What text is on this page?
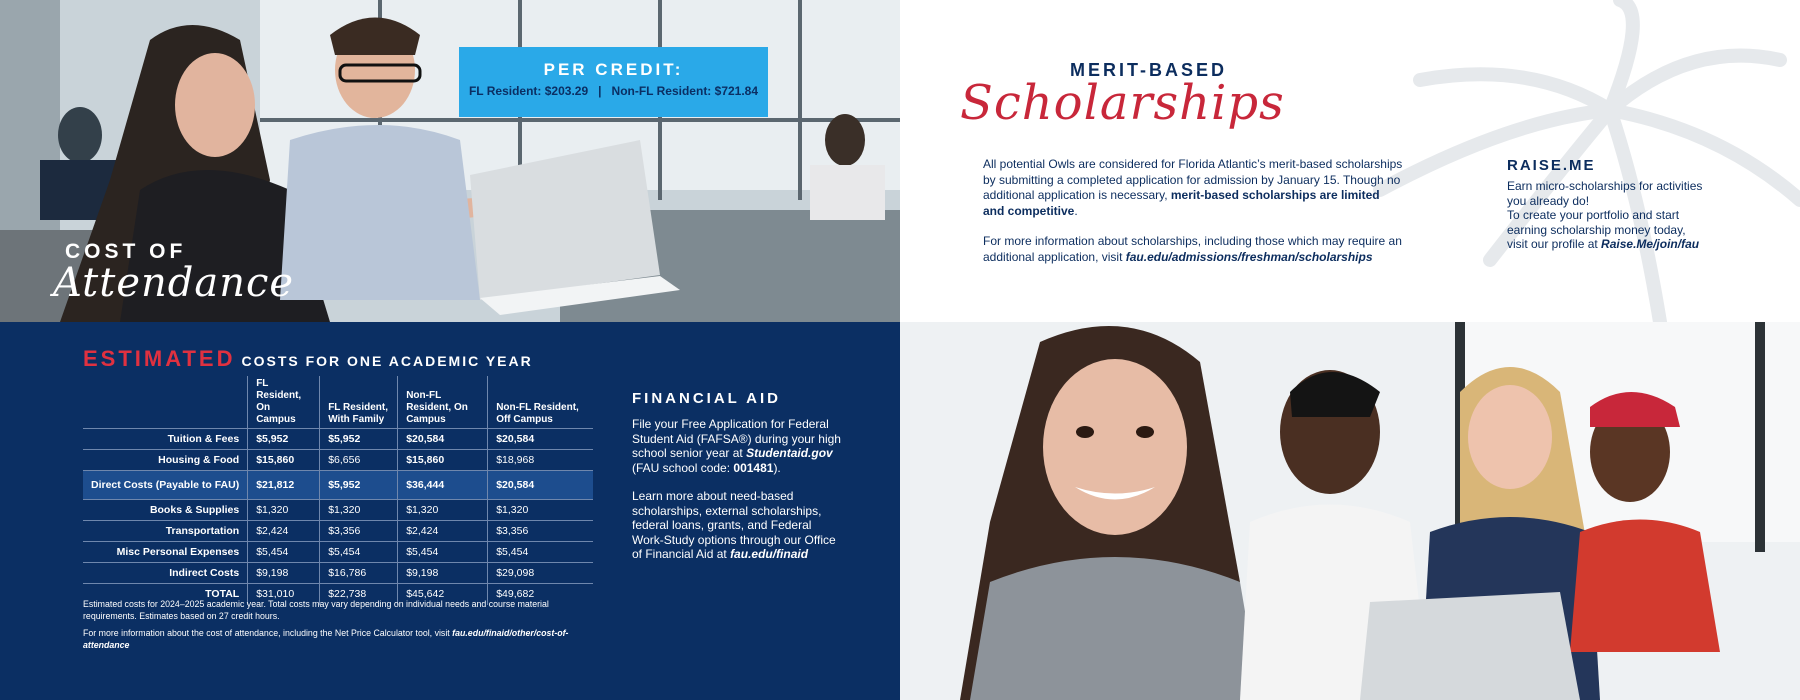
COST OF
Attendance
PER CREDIT:
FL Resident: $203.29 | Non-FL Resident: $721.84
ESTIMATED COSTS FOR ONE ACADEMIC YEAR
	FL Resident, On Campus	FL Resident, With Family	Non-FL Resident, On Campus	Non-FL Resident, Off Campus
Tuition & Fees	$5,952	$5,952	$20,584	$20,584
Housing & Food	$15,860	$6,656	$15,860	$18,968
Direct Costs (Payable to FAU)	$21,812	$5,952	$36,444	$20,584
Books & Supplies	$1,320	$1,320	$1,320	$1,320
Transportation	$2,424	$3,356	$2,424	$3,356
Misc Personal Expenses	$5,454	$5,454	$5,454	$5,454
Indirect Costs	$9,198	$16,786	$9,198	$29,098
TOTAL	$31,010	$22,738	$45,642	$49,682
Estimated costs for 2024–2025 academic year. Total costs may vary depending on individual needs and course material requirements. Estimates based on 27 credit hours.
For more information about the cost of attendance, including the Net Price Calculator tool, visit fau.edu/finaid/other/cost-of-attendance
FINANCIAL AID

File your Free Application for Federal Student Aid (FAFSA®) during your high school senior year at Studentaid.gov
(FAU school code: 001481).

Learn more about need-based scholarships, external scholarships, federal loans, grants, and Federal Work-Study options through our Office of Financial Aid at fau.edu/finaid

MERIT-BASED
Scholarships

All potential Owls are considered for Florida Atlantic’s merit-based scholarships by submitting a completed application for admission by January 15. Though no additional application is necessary, merit-based scholarships are limited and competitive.

For more information about scholarships, including those which may require an additional application, visit fau.edu/admissions/freshman/scholarships

RAISE.ME

Earn micro-scholarships for activities you already do!

To create your portfolio and start earning scholarship money today, visit our profile at Raise.Me/join/fau
